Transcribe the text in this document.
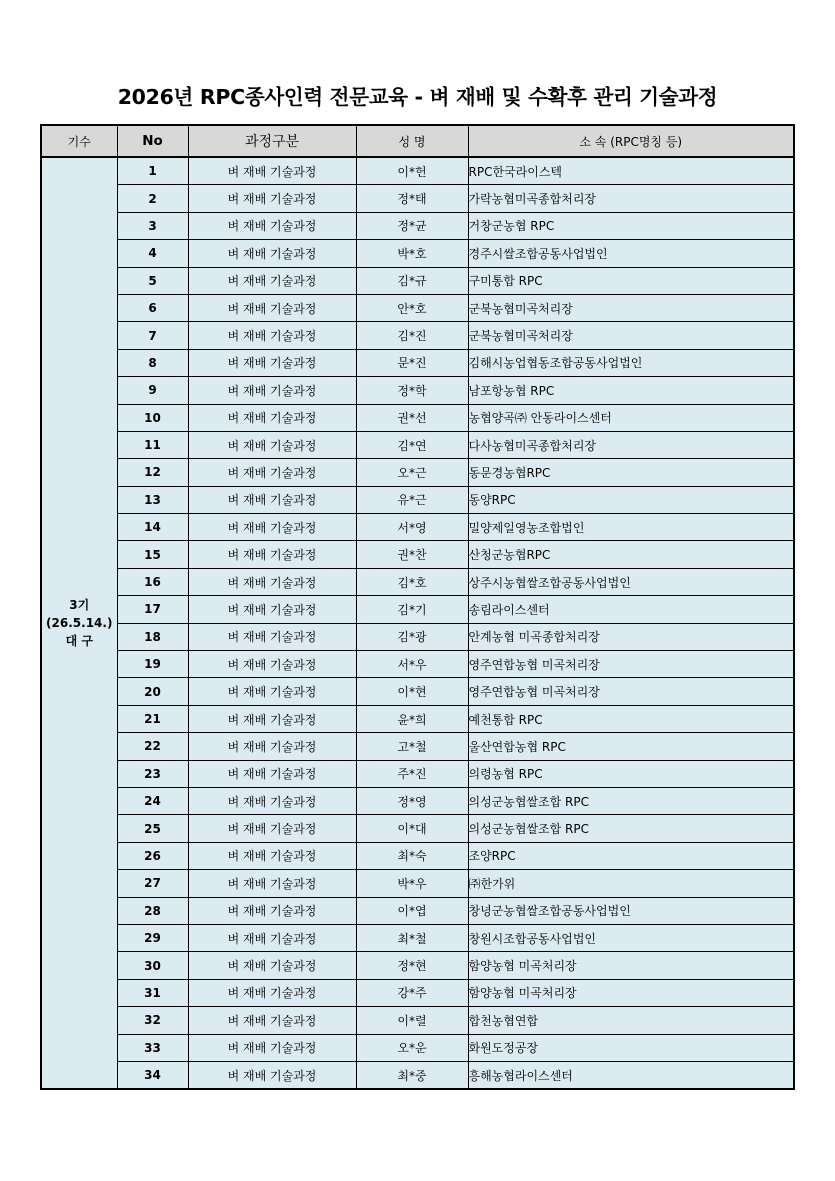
2026년 RPC종사인력 전문교육 - 벼 재배 및 수확후 관리 기술과정
기수	No	과정구분	성 명	소 속 (RPC명칭 등)

3기
(26.5.14.)
대 구	1	벼 재배 기술과정	이*헌	RPC한국라이스텍
	2	벼 재배 기술과정	정*태	가락농협미곡종합처리장
	3	벼 재배 기술과정	정*균	거창군농협 RPC
	4	벼 재배 기술과정	박*호	경주시쌀조합공동사업법인
	5	벼 재배 기술과정	김*규	구미통합 RPC
	6	벼 재배 기술과정	안*호	군북농협미곡처리장
	7	벼 재배 기술과정	김*진	군북농협미곡처리장
	8	벼 재배 기술과정	문*진	김해시농업협동조합공동사업법인
	9	벼 재배 기술과정	정*학	남포항농협 RPC
	10	벼 재배 기술과정	권*선	농협양곡㈜ 안동라이스센터
	11	벼 재배 기술과정	김*연	다사농협미곡종합처리장
	12	벼 재배 기술과정	오*근	동문경농협RPC
	13	벼 재배 기술과정	유*근	동양RPC
	14	벼 재배 기술과정	서*영	밀양제일영농조합법인
	15	벼 재배 기술과정	권*찬	산청군농협RPC
	16	벼 재배 기술과정	김*호	상주시농협쌀조합공동사업법인
	17	벼 재배 기술과정	김*기	송림라이스센터
	18	벼 재배 기술과정	김*광	안계농협 미곡종합처리장
	19	벼 재배 기술과정	서*우	영주연합농협 미곡처리장
	20	벼 재배 기술과정	이*현	영주연합농협 미곡처리장
	21	벼 재배 기술과정	윤*희	예천통합 RPC
	22	벼 재배 기술과정	고*철	울산연합농협 RPC
	23	벼 재배 기술과정	주*진	의령농협 RPC
	24	벼 재배 기술과정	정*영	의성군농협쌀조합 RPC
	25	벼 재배 기술과정	이*대	의성군농협쌀조합 RPC
	26	벼 재배 기술과정	최*숙	조양RPC
	27	벼 재배 기술과정	박*우	㈜한가위
	28	벼 재배 기술과정	이*엽	창녕군농협쌀조합공동사업법인
	29	벼 재배 기술과정	최*철	창원시조합공동사업법인
	30	벼 재배 기술과정	정*현	함양농협 미곡처리장
	31	벼 재배 기술과정	강*주	함양농협 미곡처리장
	32	벼 재배 기술과정	이*렬	합천농협연합
	33	벼 재배 기술과정	오*운	화원도정공장
	34	벼 재배 기술과정	최*중	흥해농협라이스센터
